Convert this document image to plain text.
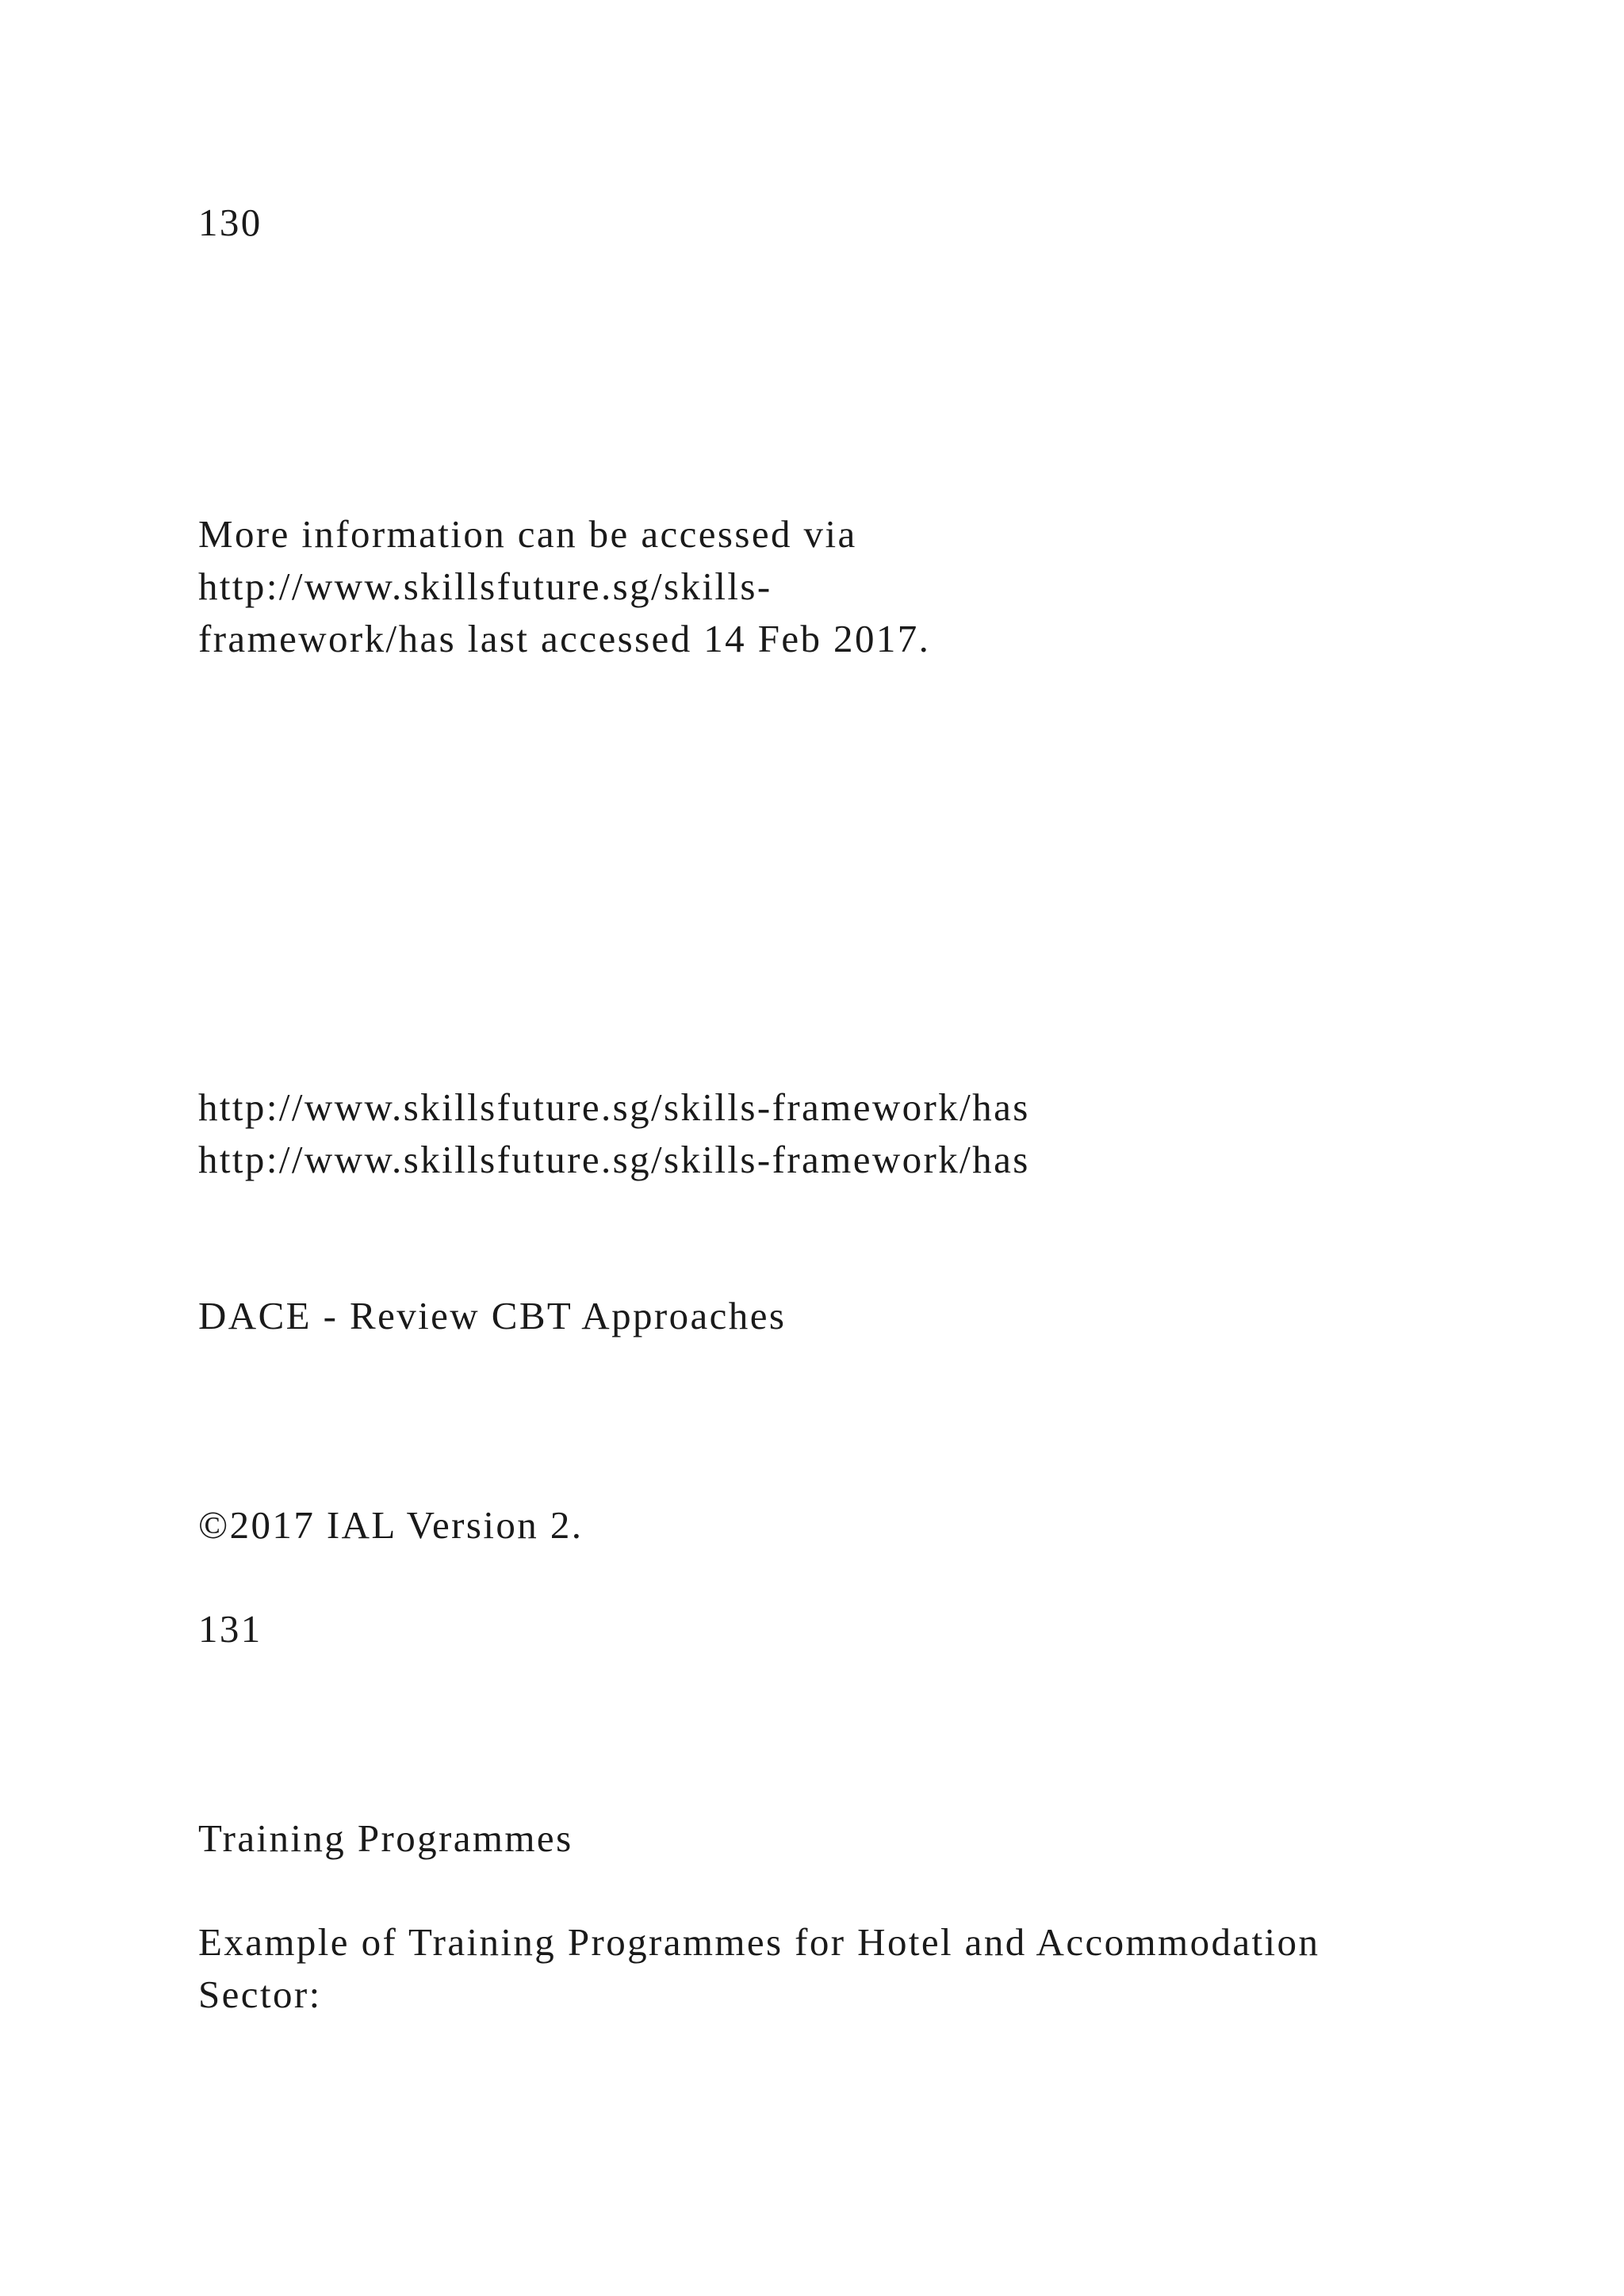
130

More information can be accessed via

http://www.skillsfuture.sg/skills-

framework/has last accessed 14 Feb 2017.

http://www.skillsfuture.sg/skills-framework/has

http://www.skillsfuture.sg/skills-framework/has

DACE - Review CBT Approaches

©2017 IAL Version 2.

131

Training Programmes

Example of Training Programmes for Hotel and Accommodation

Sector:
